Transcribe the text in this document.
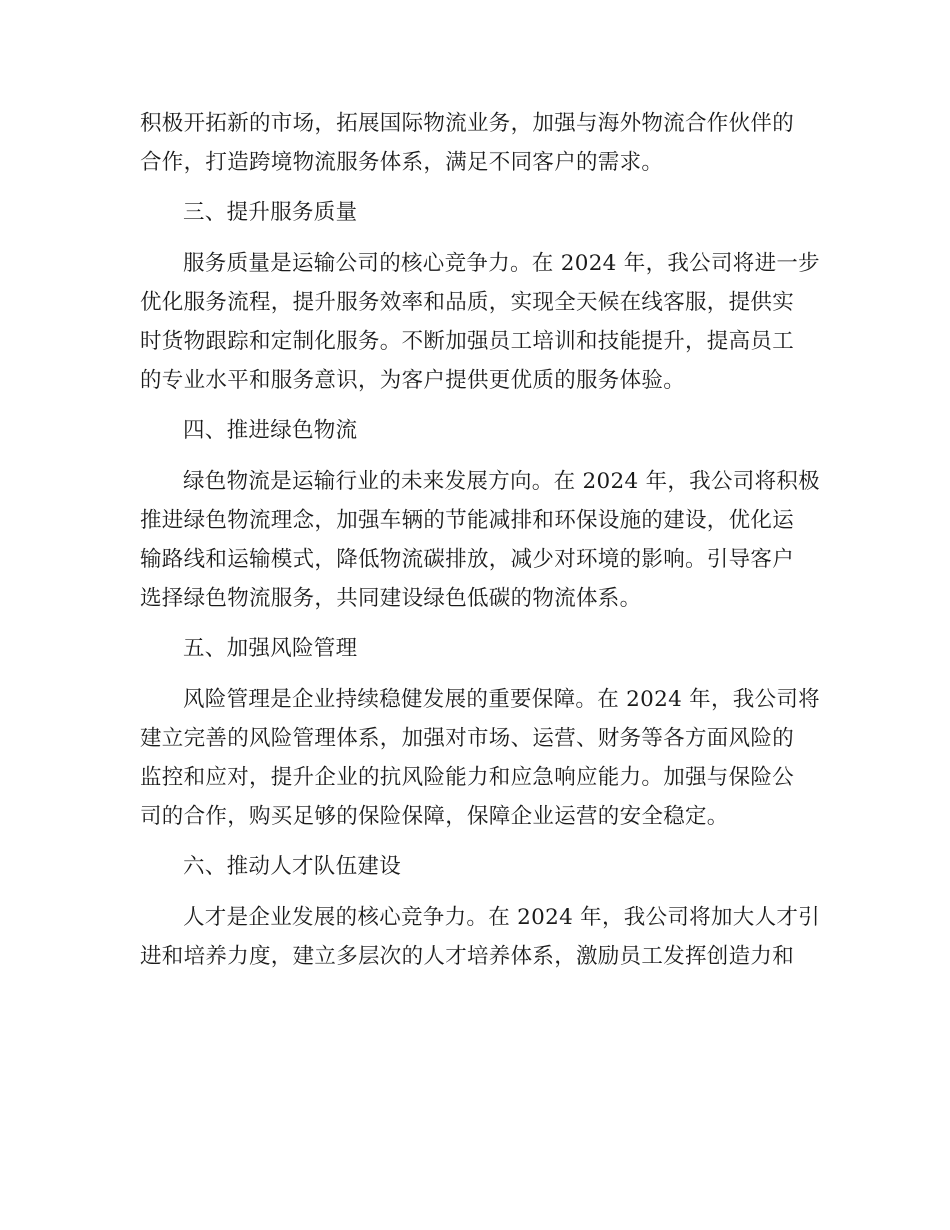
积极开拓新的市场，拓展国际物流业务，加强与海外物流合作伙伴的
合作，打造跨境物流服务体系，满足不同客户的需求。
三、提升服务质量
服务质量是运输公司的核心竞争力。在 2024 年，我公司将进一步
优化服务流程，提升服务效率和品质，实现全天候在线客服，提供实
时货物跟踪和定制化服务。不断加强员工培训和技能提升，提高员工
的专业水平和服务意识，为客户提供更优质的服务体验。
四、推进绿色物流
绿色物流是运输行业的未来发展方向。在 2024 年，我公司将积极
推进绿色物流理念，加强车辆的节能减排和环保设施的建设，优化运
输路线和运输模式，降低物流碳排放，减少对环境的影响。引导客户
选择绿色物流服务，共同建设绿色低碳的物流体系。
五、加强风险管理
风险管理是企业持续稳健发展的重要保障。在 2024 年，我公司将
建立完善的风险管理体系，加强对市场、运营、财务等各方面风险的
监控和应对，提升企业的抗风险能力和应急响应能力。加强与保险公
司的合作，购买足够的保险保障，保障企业运营的安全稳定。
六、推动人才队伍建设
人才是企业发展的核心竞争力。在 2024 年，我公司将加大人才引
进和培养力度，建立多层次的人才培养体系，激励员工发挥创造力和
